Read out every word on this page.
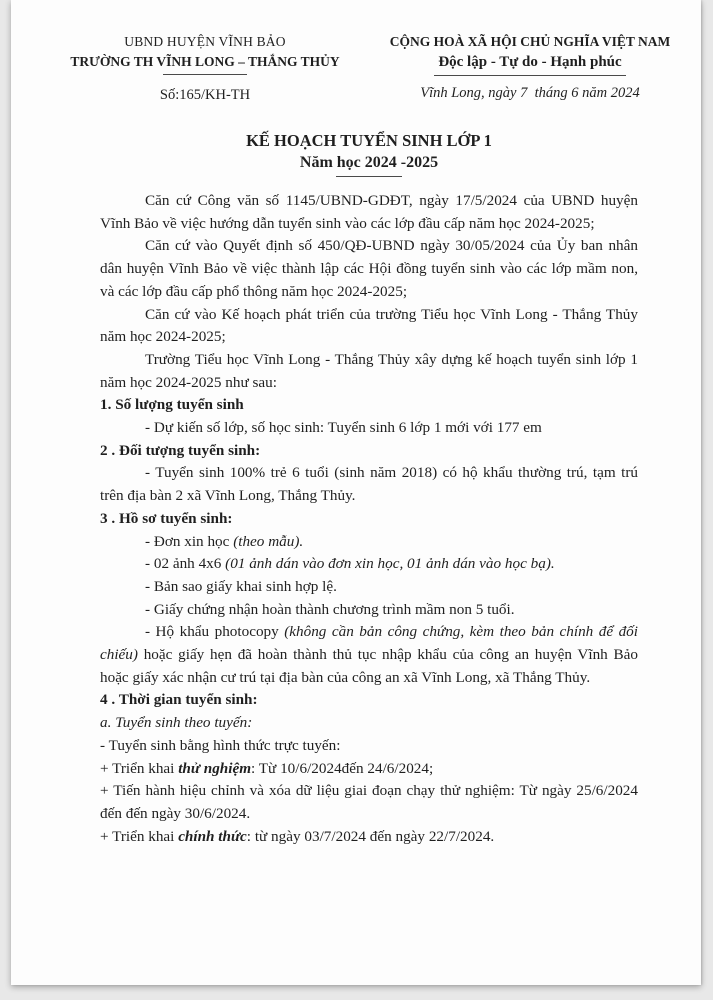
UBND HUYỆN VĨNH BẢO
TRƯỜNG TH VĨNH LONG – THẮNG THỦY
Số:165/KH-TH
CỘNG HOÀ XÃ HỘI CHỦ NGHĨA VIỆT NAM
Độc lập - Tự do - Hạnh phúc
Vĩnh Long, ngày 7  tháng 6 năm 2024
KẾ HOẠCH TUYỂN SINH LỚP 1
Năm học 2024 -2025

Căn cứ Công văn số 1145/UBND-GDĐT, ngày 17/5/2024 của UBND huyện Vĩnh Bảo về việc hướng dẫn tuyển sinh vào các lớp đầu cấp năm học 2024-2025;

Căn cứ vào Quyết định số 450/QĐ-UBND ngày 30/05/2024 của Ủy ban nhân dân huyện Vĩnh Bảo về việc thành lập các Hội đồng tuyển sinh vào các lớp mầm non, và các lớp đầu cấp phổ thông năm học 2024-2025;

Căn cứ vào Kế hoạch phát triển của trường Tiểu học Vĩnh Long - Thắng Thủy năm học 2024-2025;

Trường Tiểu học Vĩnh Long - Thắng Thủy xây dựng kế hoạch tuyển sinh lớp 1 năm học 2024-2025 như sau:

1. Số lượng tuyển sinh

- Dự kiến số lớp, số học sinh: Tuyển sinh 6 lớp 1 mới với 177 em

2 . Đối tượng tuyển sinh:

- Tuyển sinh 100% trẻ 6 tuổi (sinh năm 2018) có hộ khẩu thường trú, tạm trú trên địa bàn 2 xã Vĩnh Long, Thắng Thủy.

3 . Hồ sơ tuyển sinh:

- Đơn xin học (theo mẫu).

- 02 ảnh 4x6 (01 ảnh dán vào đơn xin học, 01 ảnh dán vào học bạ).

- Bản sao giấy khai sinh hợp lệ.

- Giấy chứng nhận hoàn thành chương trình mầm non 5 tuổi.

- Hộ khẩu photocopy (không cần bản công chứng, kèm theo bản chính để đối chiếu) hoặc giấy hẹn đã hoàn thành thủ tục nhập khẩu của công an huyện Vĩnh Bảo hoặc giấy xác nhận cư trú tại địa bàn của công an xã Vĩnh Long, xã Thắng Thủy.

4 . Thời gian tuyển sinh:

a. Tuyển sinh theo tuyến:

- Tuyển sinh bằng hình thức trực tuyến:

+ Triển khai thử nghiệm: Từ 10/6/2024đến 24/6/2024;

+ Tiến hành hiệu chỉnh và xóa dữ liệu giai đoạn chạy thử nghiệm: Từ ngày 25/6/2024 đến đến ngày 30/6/2024.

+ Triển khai chính thức: từ ngày 03/7/2024 đến ngày 22/7/2024.
